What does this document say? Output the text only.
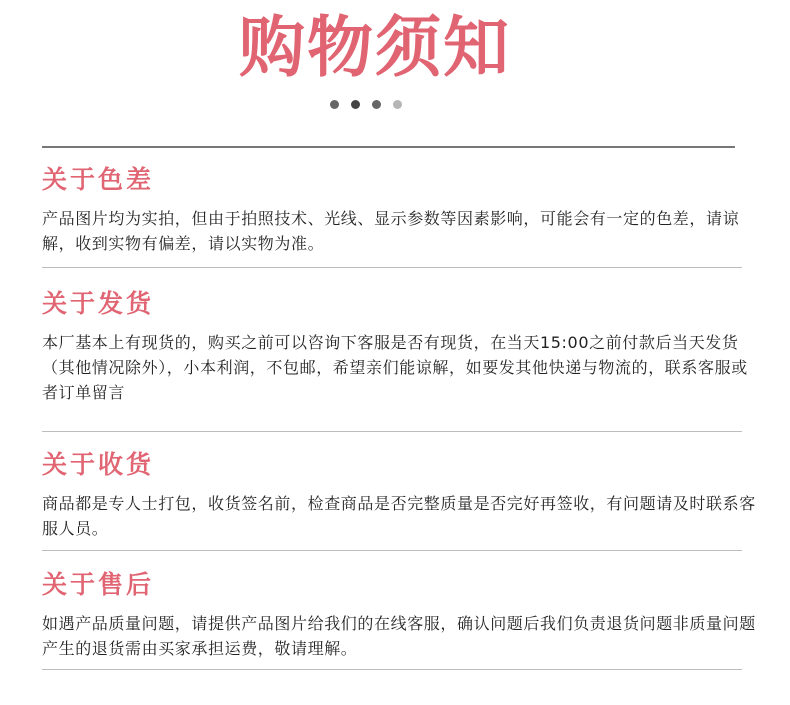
购物须知
关于色差

产品图片均为实拍，但由于拍照技术、光线、显示参数等因素影响，可能会有一定的色差，请谅解，收到实物有偏差，请以实物为准。

关于发货

本厂基本上有现货的，购买之前可以咨询下客服是否有现货，在当天15:00之前付款后当天发货（其他情况除外），小本利润，不包邮，希望亲们能谅解，如要发其他快递与物流的，联系客服或者订单留言

关于收货

商品都是专人士打包，收货签名前，检查商品是否完整质量是否完好再签收，有问题请及时联系客服人员。

关于售后

如遇产品质量问题，请提供产品图片给我们的在线客服，确认问题后我们负责退货问题非质量问题产生的退货需由买家承担运费，敬请理解。
